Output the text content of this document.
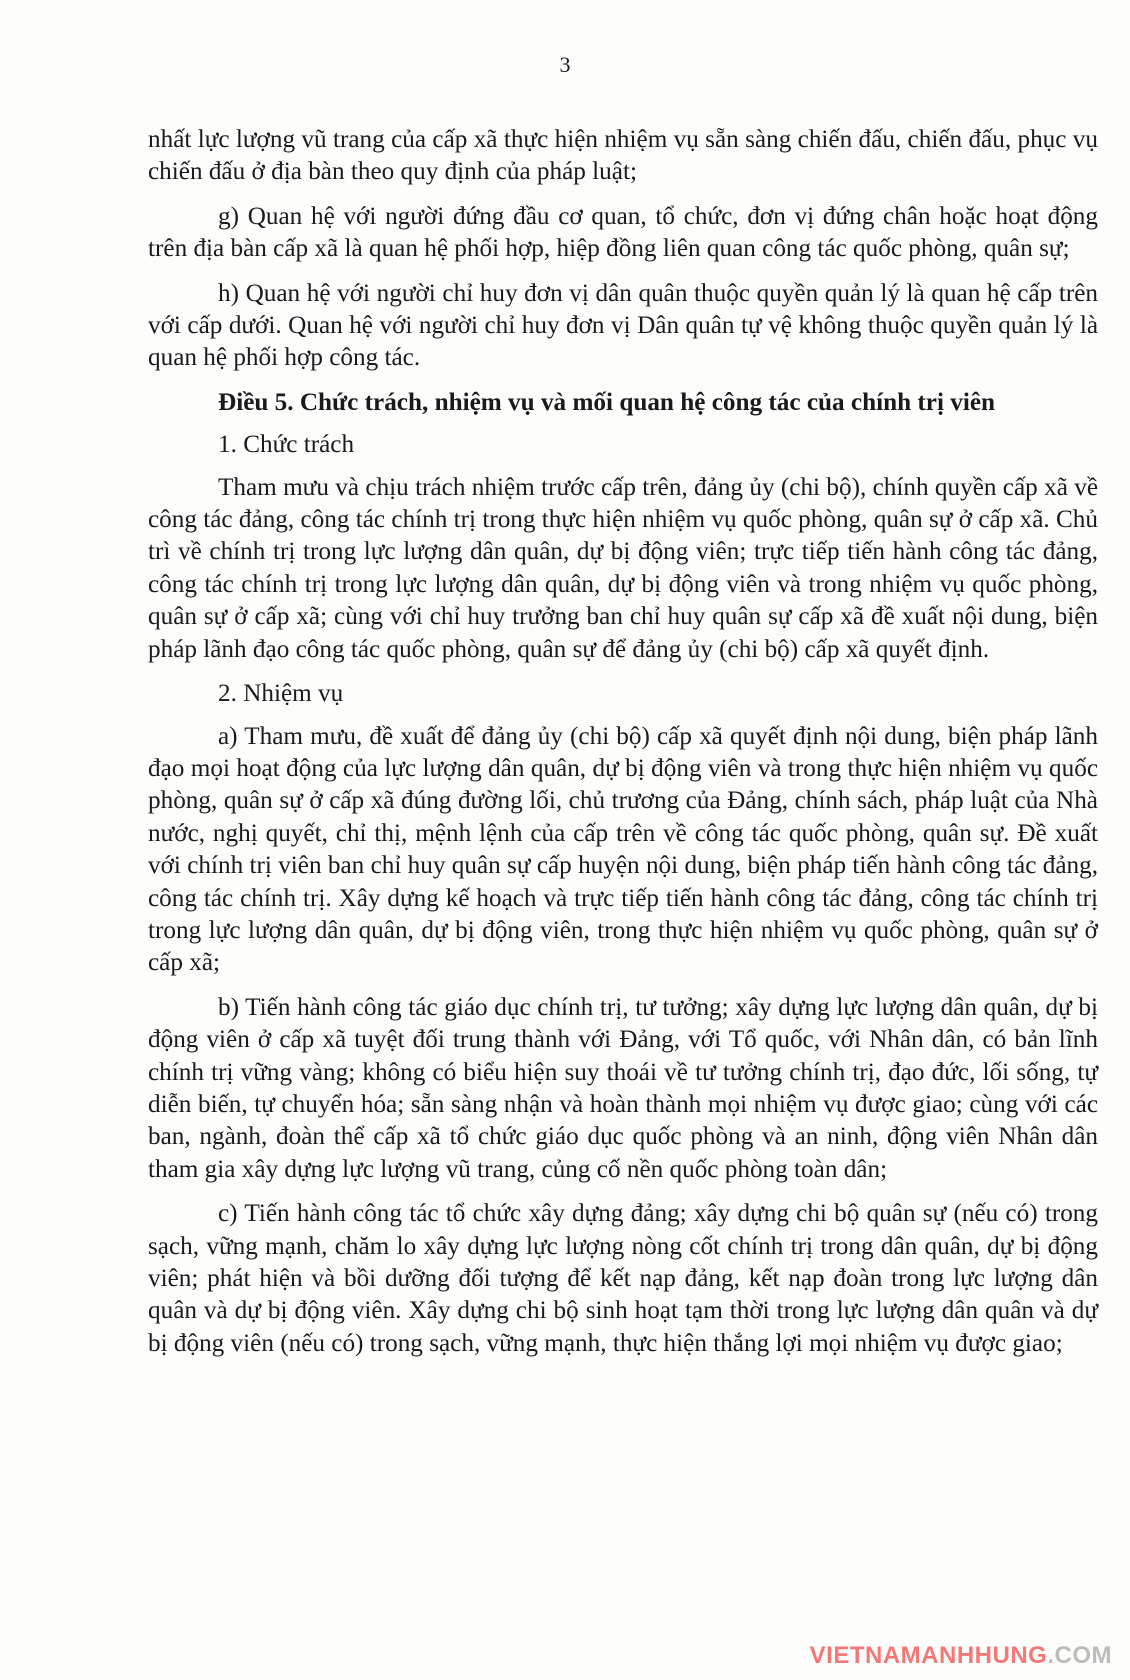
3

nhất lực lượng vũ trang của cấp xã thực hiện nhiệm vụ sẵn sàng chiến đấu, chiến đấu, phục vụ chiến đấu ở địa bàn theo quy định của pháp luật;

g) Quan hệ với người đứng đầu cơ quan, tổ chức, đơn vị đứng chân hoặc hoạt động trên địa bàn cấp xã là quan hệ phối hợp, hiệp đồng liên quan công tác quốc phòng, quân sự;

h) Quan hệ với người chỉ huy đơn vị dân quân thuộc quyền quản lý là quan hệ cấp trên với cấp dưới. Quan hệ với người chỉ huy đơn vị Dân quân tự vệ không thuộc quyền quản lý là quan hệ phối hợp công tác.

Điều 5. Chức trách, nhiệm vụ và mối quan hệ công tác của chính trị viên

1. Chức trách

Tham mưu và chịu trách nhiệm trước cấp trên, đảng ủy (chi bộ), chính quyền cấp xã về công tác đảng, công tác chính trị trong thực hiện nhiệm vụ quốc phòng, quân sự ở cấp xã. Chủ trì về chính trị trong lực lượng dân quân, dự bị động viên; trực tiếp tiến hành công tác đảng, công tác chính trị trong lực lượng dân quân, dự bị động viên và trong nhiệm vụ quốc phòng, quân sự ở cấp xã; cùng với chỉ huy trưởng ban chỉ huy quân sự cấp xã đề xuất nội dung, biện pháp lãnh đạo công tác quốc phòng, quân sự để đảng ủy (chi bộ) cấp xã quyết định.

2. Nhiệm vụ

a) Tham mưu, đề xuất để đảng ủy (chi bộ) cấp xã quyết định nội dung, biện pháp lãnh đạo mọi hoạt động của lực lượng dân quân, dự bị động viên và trong thực hiện nhiệm vụ quốc phòng, quân sự ở cấp xã đúng đường lối, chủ trương của Đảng, chính sách, pháp luật của Nhà nước, nghị quyết, chỉ thị, mệnh lệnh của cấp trên về công tác quốc phòng, quân sự. Đề xuất với chính trị viên ban chỉ huy quân sự cấp huyện nội dung, biện pháp tiến hành công tác đảng, công tác chính trị. Xây dựng kế hoạch và trực tiếp tiến hành công tác đảng, công tác chính trị trong lực lượng dân quân, dự bị động viên, trong thực hiện nhiệm vụ quốc phòng, quân sự ở cấp xã;

b) Tiến hành công tác giáo dục chính trị, tư tưởng; xây dựng lực lượng dân quân, dự bị động viên ở cấp xã tuyệt đối trung thành với Đảng, với Tổ quốc, với Nhân dân, có bản lĩnh chính trị vững vàng; không có biểu hiện suy thoái về tư tưởng chính trị, đạo đức, lối sống, tự diễn biến, tự chuyển hóa; sẵn sàng nhận và hoàn thành mọi nhiệm vụ được giao; cùng với các ban, ngành, đoàn thể cấp xã tổ chức giáo dục quốc phòng và an ninh, động viên Nhân dân tham gia xây dựng lực lượng vũ trang, củng cố nền quốc phòng toàn dân;

c) Tiến hành công tác tổ chức xây dựng đảng; xây dựng chi bộ quân sự (nếu có) trong sạch, vững mạnh, chăm lo xây dựng lực lượng nòng cốt chính trị trong dân quân, dự bị động viên; phát hiện và bồi dưỡng đối tượng để kết nạp đảng, kết nạp đoàn trong lực lượng dân quân và dự bị động viên. Xây dựng chi bộ sinh hoạt tạm thời trong lực lượng dân quân và dự bị động viên (nếu có) trong sạch, vững mạnh, thực hiện thắng lợi mọi nhiệm vụ được giao;

VIETNAMANHHUNG.COM
